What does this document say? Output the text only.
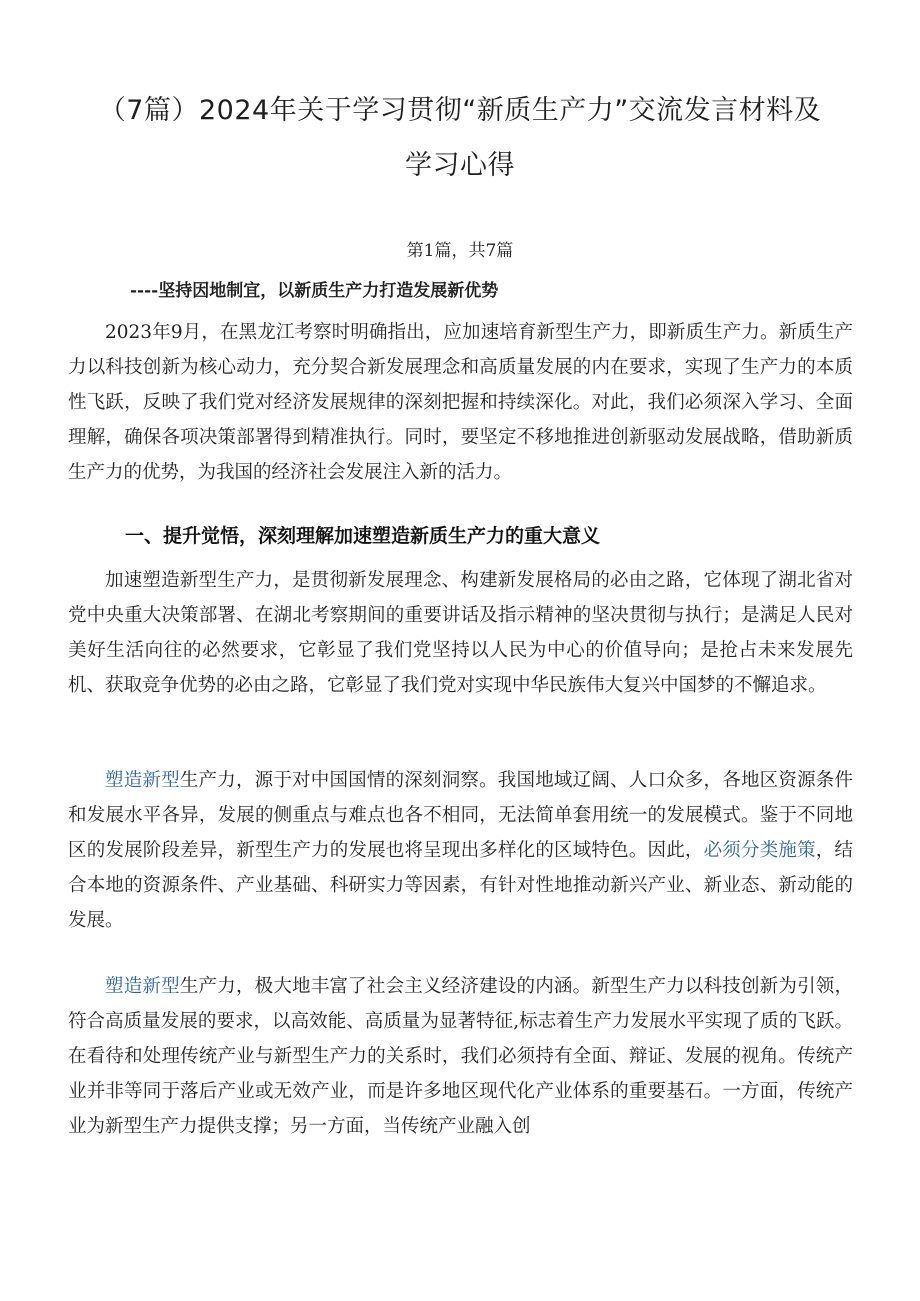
（7篇）2024年关于学习贯彻“新质生产力”交流发言材料及
学习心得
第1篇，共7篇
----坚持因地制宜，以新质生产力打造发展新优势
2023年9月，在黑龙江考察时明确指出，应加速培育新型生产力，即新质生产力。新质生产力以科技创新为核心动力，充分契合新发展理念和高质量发展的内在要求，实现了生产力的本质性飞跃，反映了我们党对经济发展规律的深刻把握和持续深化。对此，我们必须深入学习、全面理解，确保各项决策部署得到精准执行。同时，要坚定不移地推进创新驱动发展战略，借助新质生产力的优势，为我国的经济社会发展注入新的活力。
一、提升觉悟，深刻理解加速塑造新质生产力的重大意义
加速塑造新型生产力，是贯彻新发展理念、构建新发展格局的必由之路，它体现了湖北省对党中央重大决策部署、在湖北考察期间的重要讲话及指示精神的坚决贯彻与执行；是满足人民对美好生活向往的必然要求，它彰显了我们党坚持以人民为中心的价值导向；是抢占未来发展先机、获取竞争优势的必由之路，它彰显了我们党对实现中华民族伟大复兴中国梦的不懈追求。
塑造新型生产力，源于对中国国情的深刻洞察。我国地域辽阔、人口众多，各地区资源条件和发展水平各异，发展的侧重点与难点也各不相同，无法简单套用统一的发展模式。鉴于不同地区的发展阶段差异，新型生产力的发展也将呈现出多样化的区域特色。因此，必须分类施策，结合本地的资源条件、产业基础、科研实力等因素，有针对性地推动新兴产业、新业态、新动能的发展。
塑造新型生产力，极大地丰富了社会主义经济建设的内涵。新型生产力以科技创新为引领，符合高质量发展的要求，以高效能、高质量为显著特征,标志着生产力发展水平实现了质的飞跃。在看待和处理传统产业与新型生产力的关系时，我们必须持有全面、辩证、发展的视角。传统产业并非等同于落后产业或无效产业，而是许多地区现代化产业体系的重要基石。一方面，传统产业为新型生产力提供支撑；另一方面，当传统产业融入创
